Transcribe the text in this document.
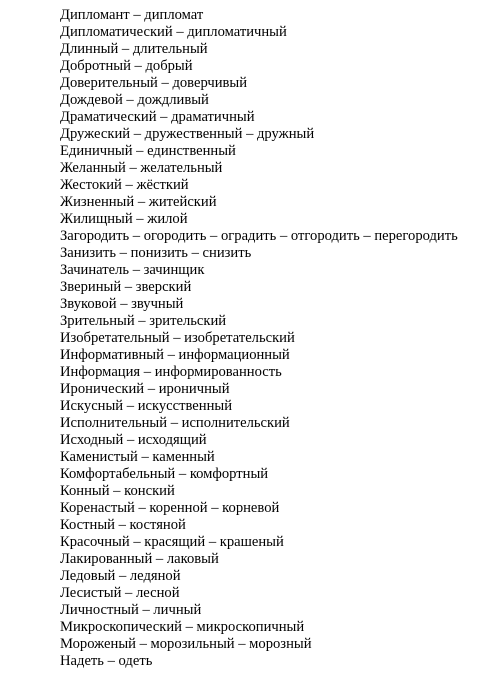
Дипломант – дипломат
Дипломатический – дипломатичный
Длинный – длительный
Добротный – добрый
Доверительный – доверчивый
Дождевой – дождливый
Драматический – драматичный
Дружеский – дружественный – дружный
Единичный – единственный
Желанный – желательный
Жестокий – жёсткий
Жизненный – житейский
Жилищный – жилой
Загородить – огородить – оградить – отгородить – перегородить
Занизить – понизить – снизить
Зачинатель – зачинщик
Звериный – зверский
Звуковой – звучный
Зрительный – зрительский
Изобретательный – изобретательский
Информативный – информационный
Информация – информированность
Иронический – ироничный
Искусный – искусственный
Исполнительный – исполнительский
Исходный – исходящий
Каменистый – каменный
Комфортабельный – комфортный
Конный – конский
Коренастый – коренной – корневой
Костный – костяной
Красочный – красящий – крашеный
Лакированный – лаковый
Ледовый – ледяной
Лесистый – лесной
Личностный – личный
Микроскопический – микроскопичный
Мороженый – морозильный – морозный
Надеть – одеть
